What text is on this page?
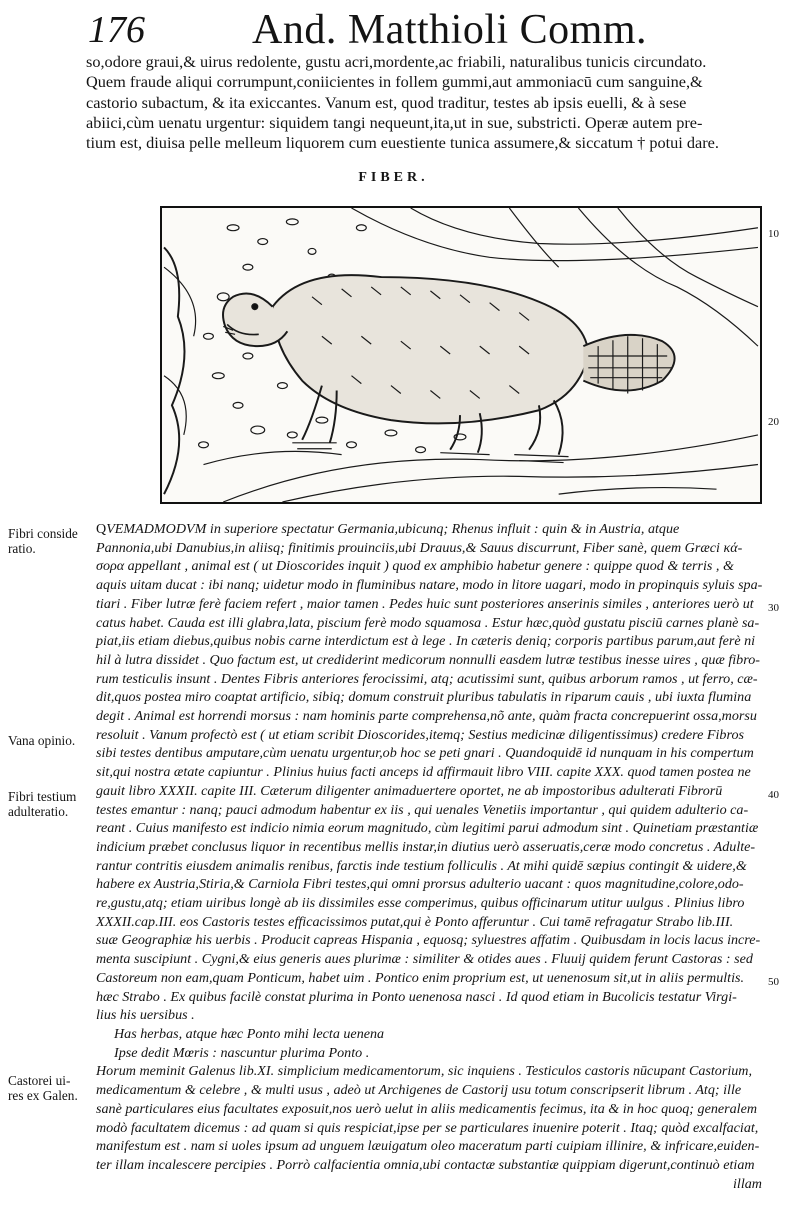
176	And. Matthioli Comm.

so,odore graui,& uirus redolente, gustu acri,mordente,ac friabili, naturalibus tunicis circundato.

Quem fraude aliqui corrumpunt,coniicientes in follem gummi,aut ammoniacū cum sanguine,&

castorio subactum, & ita exiccantes. Vanum est, quod traditur, testes ab ipsis euelli, & à sese

abiici,cùm uenatu urgentur: siquidem tangi nequeunt,ita,ut in sue, substricti. Operæ autem pre-

tium est, diuisa pelle melleum liquorem cum euestiente tunica assumere,& siccatum † potui dare.

FIBER.
10
20
30
40
50
Fibri conside
ratio.
Vana opinio.
Fibri testium
adulteratio.
Castorei ui-
res ex Galen.

QVEMADMODVM in superiore spectatur Germania,ubicunq; Rhenus influit : quin & in Austria, atque

Pannonia,ubi Danubius,in aliisq; finitimis prouinciis,ubi Drauus,& Sauus discurrunt, Fiber sanè, quem Græci κά-

σορα appellant , animal est ( ut Dioscorides inquit ) quod ex amphibio habetur genere : quippe quod & terris , &

aquis uitam ducat : ibi nanq; uidetur modo in fluminibus natare, modo in litore uagari, modo in propinquis syluis spa-

tiari . Fiber lutræ ferè faciem refert , maior tamen . Pedes huic sunt posteriores anserinis similes , anteriores uerò ut

catus habet. Cauda est illi glabra,lata, piscium ferè modo squamosa . Estur hæc,quòd gustatu pisciū carnes planè sa-

piat,iis etiam diebus,quibus nobis carne interdictum est à lege . In cæteris deniq; corporis partibus parum,aut ferè ni

hil à lutra dissidet . Quo factum est, ut crediderint medicorum nonnulli easdem lutræ testibus inesse uires , quæ fibro-

rum testiculis insunt . Dentes Fibris anteriores ferocissimi, atq; acutissimi sunt, quibus arborum ramos , ut ferro, cæ-

dit,quos postea miro coaptat artificio, sibiq; domum construit pluribus tabulatis in riparum cauis , ubi iuxta flumina

degit . Animal est horrendi morsus : nam hominis parte comprehensa,nõ ante, quàm fracta concrepuerint ossa,morsu

resoluit . Vanum profectò est ( ut etiam scribit Dioscorides,itemq; Sestius medicinæ diligentissimus) credere Fibros

sibi testes dentibus amputare,cùm uenatu urgentur,ob hoc se peti gnari . Quandoquidē id nunquam in his compertum

sit,qui nostra ætate capiuntur . Plinius huius facti anceps id affirmauit libro VIII. capite XXX. quod tamen postea ne

gauit libro XXXII. capite III. Cæterum diligenter animaduertere oportet, ne ab impostoribus adulterati Fibrorū

testes emantur : nanq; pauci admodum habentur ex iis , qui uenales Venetiis importantur , qui quidem adulterio ca-

reant . Cuius manifesto est indicio nimia eorum magnitudo, cùm legitimi parui admodum sint . Quinetiam præstantiæ

indicium præbet conclusus liquor in recentibus mellis instar,in diutius uerò asseruatis,ceræ modo concretus . Adulte-

rantur contritis eiusdem animalis renibus, farctis inde testium folliculis . At mihi quidē sæpius contingit & uidere,&

habere ex Austria,Stiria,& Carniola Fibri testes,qui omni prorsus adulterio uacant : quos magnitudine,colore,odo-

re,gustu,atq; etiam uiribus longè ab iis dissimiles esse comperimus, quibus officinarum utitur uulgus . Plinius libro

XXXII.cap.III. eos Castoris testes efficacissimos putat,qui è Ponto afferuntur . Cui tamē refragatur Strabo lib.III.

suæ Geographiæ his uerbis . Producit capreas Hispania , equosq; syluestres affatim . Quibusdam in locis lacus incre-

menta suscipiunt . Cygni,& eius generis aues plurimæ : similiter & otides aues . Fluuij quidem ferunt Castoras : sed

Castoreum non eam,quam Ponticum, habet uim . Pontico enim proprium est, ut uenenosum sit,ut in aliis permultis.

hæc Strabo . Ex quibus facilè constat plurima in Ponto uenenosa nasci . Id quod etiam in Bucolicis testatur Virgi-

lius his uersibus .

Has herbas, atque hæc Ponto mihi lecta uenena

Ipse dedit Mœris : nascuntur plurima Ponto .

Horum meminit Galenus lib.XI. simplicium medicamentorum, sic inquiens . Testiculos castoris nūcupant Castorium,

medicamentum & celebre , & multi usus , adeò ut Archigenes de Castorij usu totum conscripserit librum . Atq; ille

sanè particulares eius facultates exposuit,nos uerò uelut in aliis medicamentis fecimus, ita & in hoc quoq; generalem

modò facultatem dicemus : ad quam si quis respiciat,ipse per se particulares inuenire poterit . Itaq; quòd excalfaciat,

manifestum est . nam si uoles ipsum ad unguem læuigatum oleo maceratum parti cuipiam illinire, & infricare,euiden-

ter illam incalescere percipies . Porrò calfacientia omnia,ubi contactæ substantiæ quippiam digerunt,continuò etiam

illam
